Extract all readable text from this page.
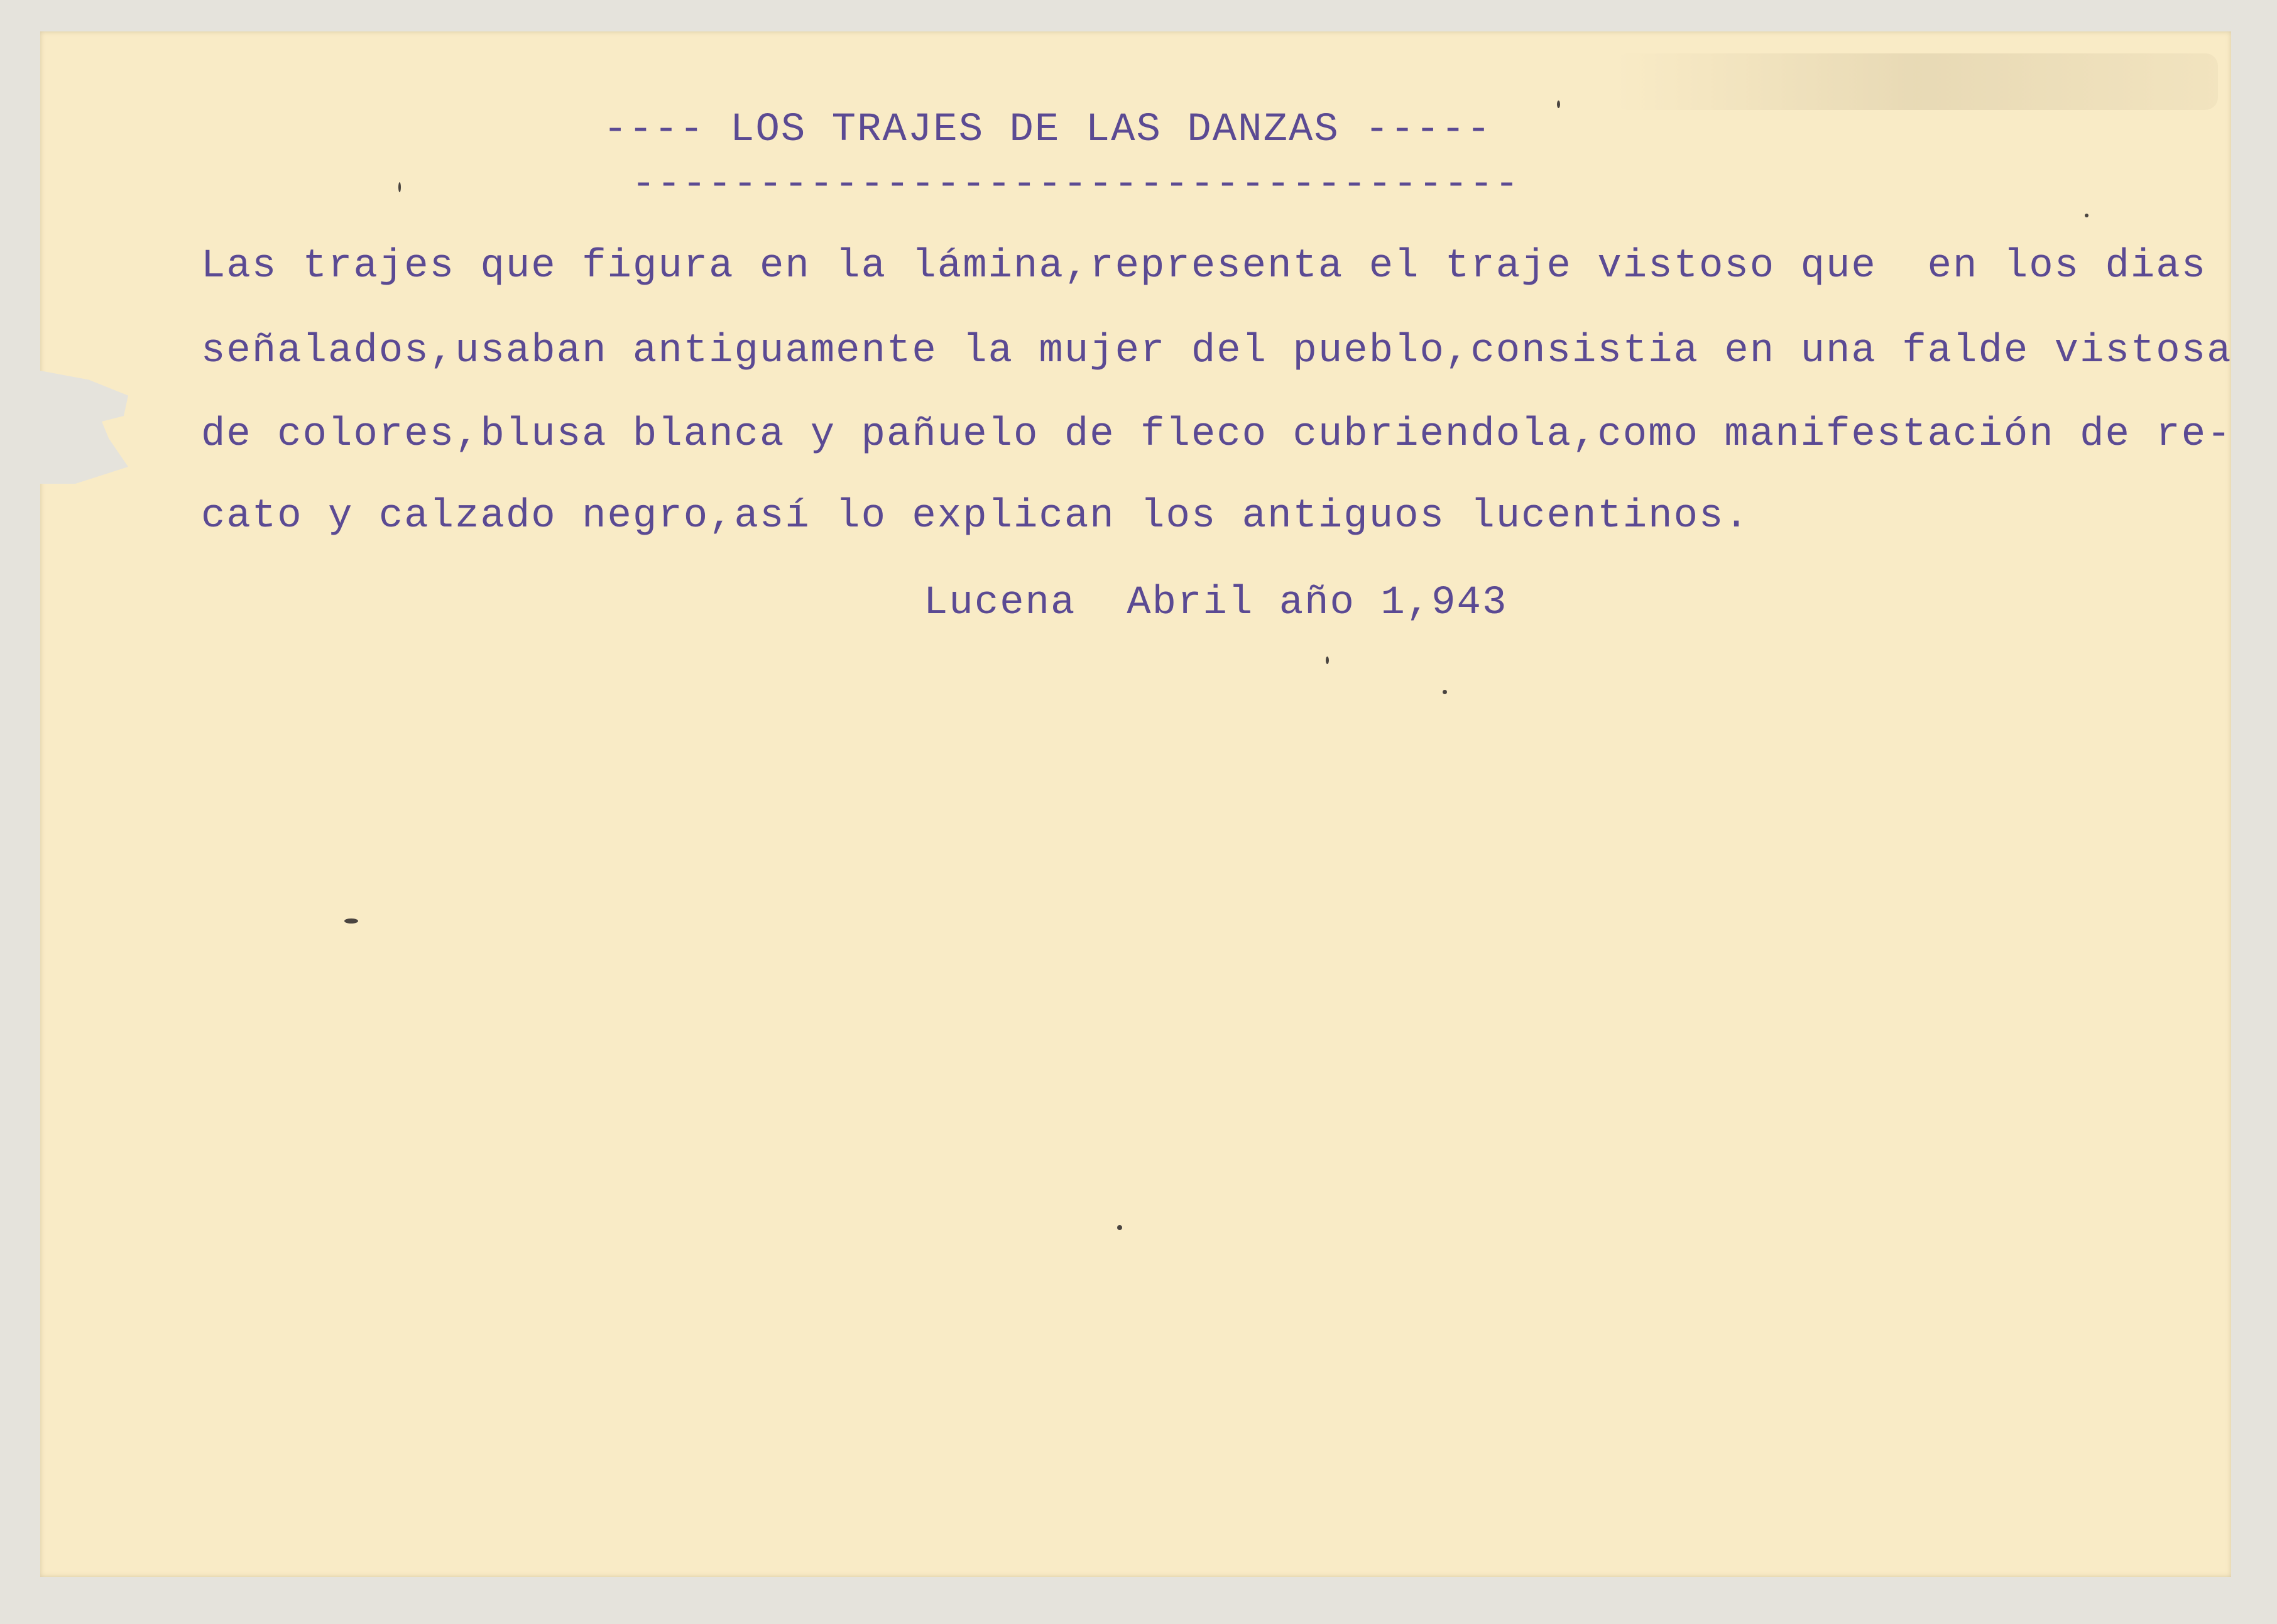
---- LOS TRAJES DE LAS DANZAS -----
-----------------------------------
Las trajes que figura en la lámina,representa el traje vistoso que  en los dias
señalados,usaban antiguamente la mujer del pueblo,consistia en una falde vistosa
de colores,blusa blanca y pañuelo de fleco cubriendola,como manifestación de re-
cato y calzado negro,así lo explican los antiguos lucentinos.
Lucena  Abril año 1,943
